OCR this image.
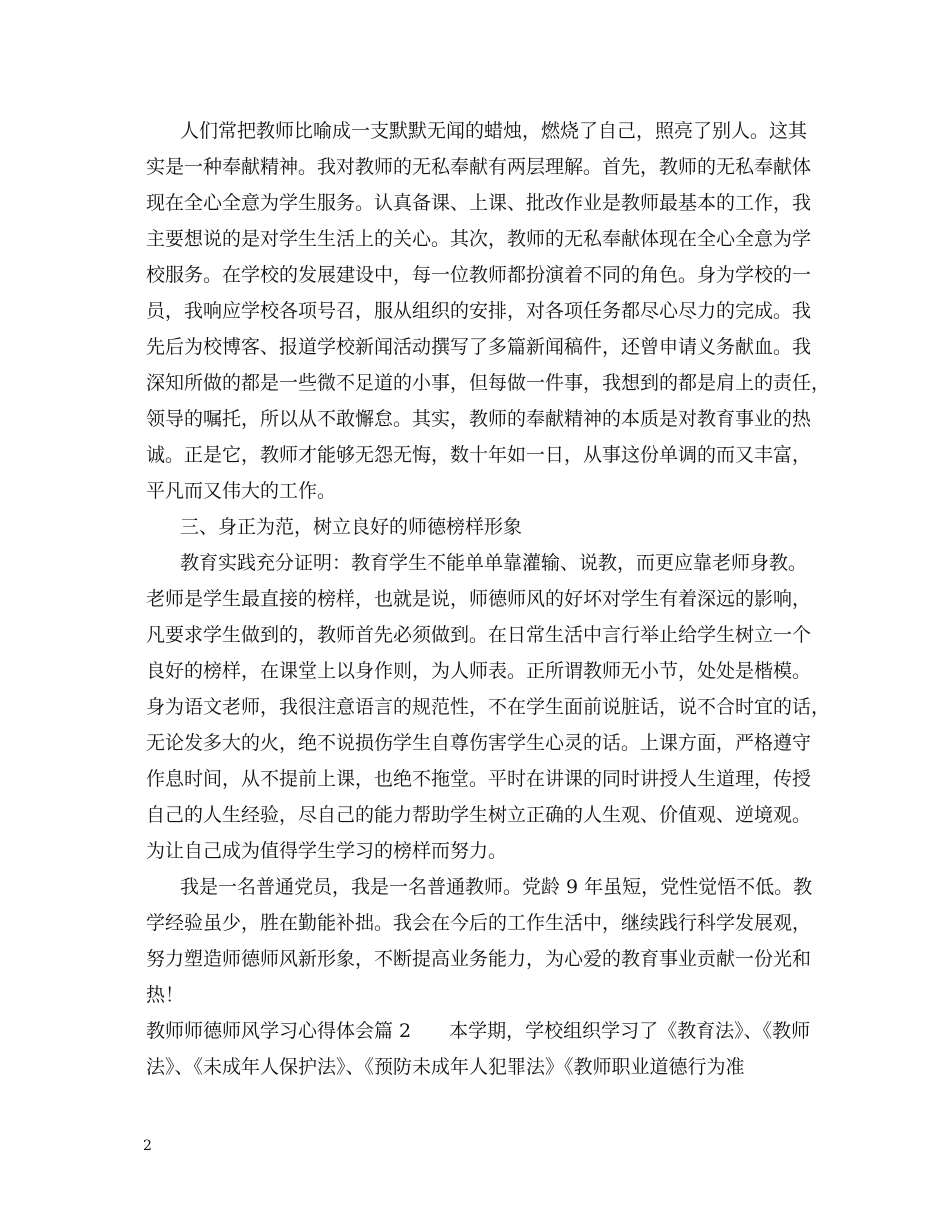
人们常把教师比喻成一支默默无闻的蜡烛，燃烧了自己，照亮了别人。这其
实是一种奉献精神。我对教师的无私奉献有两层理解。首先，教师的无私奉献体
现在全心全意为学生服务。认真备课、上课、批改作业是教师最基本的工作，我
主要想说的是对学生生活上的关心。其次，教师的无私奉献体现在全心全意为学
校服务。在学校的发展建设中，每一位教师都扮演着不同的角色。身为学校的一
员，我响应学校各项号召，服从组织的安排，对各项任务都尽心尽力的完成。我
先后为校博客、报道学校新闻活动撰写了多篇新闻稿件，还曾申请义务献血。我
深知所做的都是一些微不足道的小事，但每做一件事，我想到的都是肩上的责任，
领导的嘱托，所以从不敢懈怠。其实，教师的奉献精神的本质是对教育事业的热
诚。正是它，教师才能够无怨无悔，数十年如一日，从事这份单调的而又丰富，
平凡而又伟大的工作。
三、身正为范，树立良好的师德榜样形象
教育实践充分证明：教育学生不能单单靠灌输、说教，而更应靠老师身教。
老师是学生最直接的榜样，也就是说，师德师风的好坏对学生有着深远的影响，
凡要求学生做到的，教师首先必须做到。在日常生活中言行举止给学生树立一个
良好的榜样，在课堂上以身作则，为人师表。正所谓教师无小节，处处是楷模。
身为语文老师，我很注意语言的规范性，不在学生面前说脏话，说不合时宜的话，
无论发多大的火，绝不说损伤学生自尊伤害学生心灵的话。上课方面，严格遵守
作息时间，从不提前上课，也绝不拖堂。平时在讲课的同时讲授人生道理，传授
自己的人生经验，尽自己的能力帮助学生树立正确的人生观、价值观、逆境观。
为让自己成为值得学生学习的榜样而努力。
我是一名普通党员，我是一名普通教师。党龄 9 年虽短，党性觉悟不低。教
学经验虽少，胜在勤能补拙。我会在今后的工作生活中，继续践行科学发展观，
努力塑造师德师风新形象，不断提高业务能力，为心爱的教育事业贡献一份光和
热！
教师师德师风学习心得体会篇 2　　本学期，学校组织学习了《教育法》、《教师
法》、《未成年人保护法》、《预防未成年人犯罪法》《教师职业道德行为准
2
